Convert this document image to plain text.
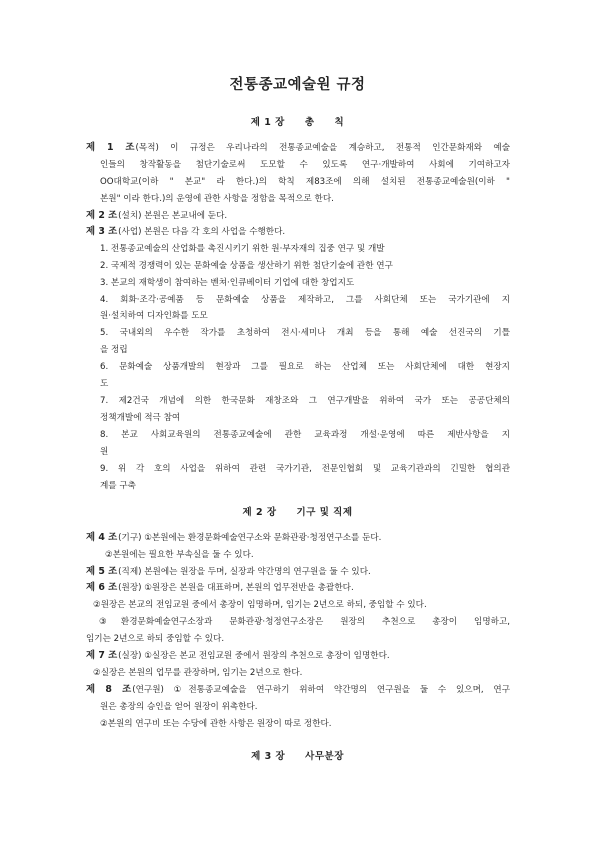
전통종교예술원 규정
제 1 장　　총　　칙
제 1 조(목적) 이 규정은 우리나라의 전통종교예술을 계승하고, 전통적 인간문화재와 예술
인들의 창작활동을 첨단기술로써 도모할 수 있도록 연구·개발하여 사회에 기여하고자
OO대학교(이하 " 본교" 라 한다.)의 학칙 제83조에 의해 설치된 전통종교예술원(이하 "
본원" 이라 한다.)의 운영에 관한 사항을 정함을 목적으로 한다.
제 2 조(설치) 본원은 본교내에 둔다.
제 3 조(사업) 본원은 다음 각 호의 사업을 수행한다.
1. 전통종교예술의 산업화를 촉진시키기 위한 원·부자재의 집중 연구 및 개발
2. 국제적 경쟁력이 있는 문화예술 상품을 생산하기 위한 첨단기술에 관한 연구
3. 본교의 재학생이 참여하는 벤쳐·인큐베이터 기업에 대한 창업지도
4. 회화·조각·공예품 등 문화예술 상품을 제작하고, 그를 사회단체 또는 국가기관에 지
원·설치하여 디자인화를 도모
5. 국내외의 우수한 작가를 초청하여 전시·세미나 개최 등을 통해 예술 선진국의 기틀
을 정립
6. 문화예술 상품개발의 현장과 그를 필요로 하는 산업체 또는 사회단체에 대한 현장지
도
7. 제2건국 개념에 의한 한국문화 재창조와 그 연구개발을 위하여 국가 또는 공공단체의
정책개발에 적극 참여
8. 본교 사회교육원의 전통종교예술에 관한 교육과정 개설·운영에 따른 제반사항을 지
원
9. 위 각 호의 사업을 위하여 관련 국가기관, 전문인협회 및 교육기관과의 긴밀한 협의관
계를 구축
제 2 장　　기구 및 직제
제 4 조(기구) ①본원에는 환경문화예술연구소와 문화관광·청정연구소를 둔다.
②본원에는 필요한 부속실을 둘 수 있다.
제 5 조(직제) 본원에는 원장을 두며, 실장과 약간명의 연구원을 둘 수 있다.
제 6 조(원장) ①원장은 본원을 대표하며, 본원의 업무전반을 총괄한다.
②원장은 본교의 전임교원 중에서 총장이 임명하며, 임기는 2년으로 하되, 중임할 수 있다.
③환경문화예술연구소장과 문화관광·청정연구소장은 원장의 추천으로 총장이 임명하고,
임기는 2년으로 하되 중임할 수 있다.
제 7 조(실장) ①실장은 본교 전임교원 중에서 원장의 추천으로 총장이 임명한다.
②실장은 본원의 업무를 관장하며, 임기는 2년으로 한다.
제 8 조(연구원) ①전통종교예술을 연구하기 위하여 약간명의 연구원을 둘 수 있으며, 연구
원은 총장의 승인을 얻어 원장이 위촉한다.
②본원의 연구비 또는 수당에 관한 사항은 원장이 따로 정한다.
제 3 장　　사무분장
